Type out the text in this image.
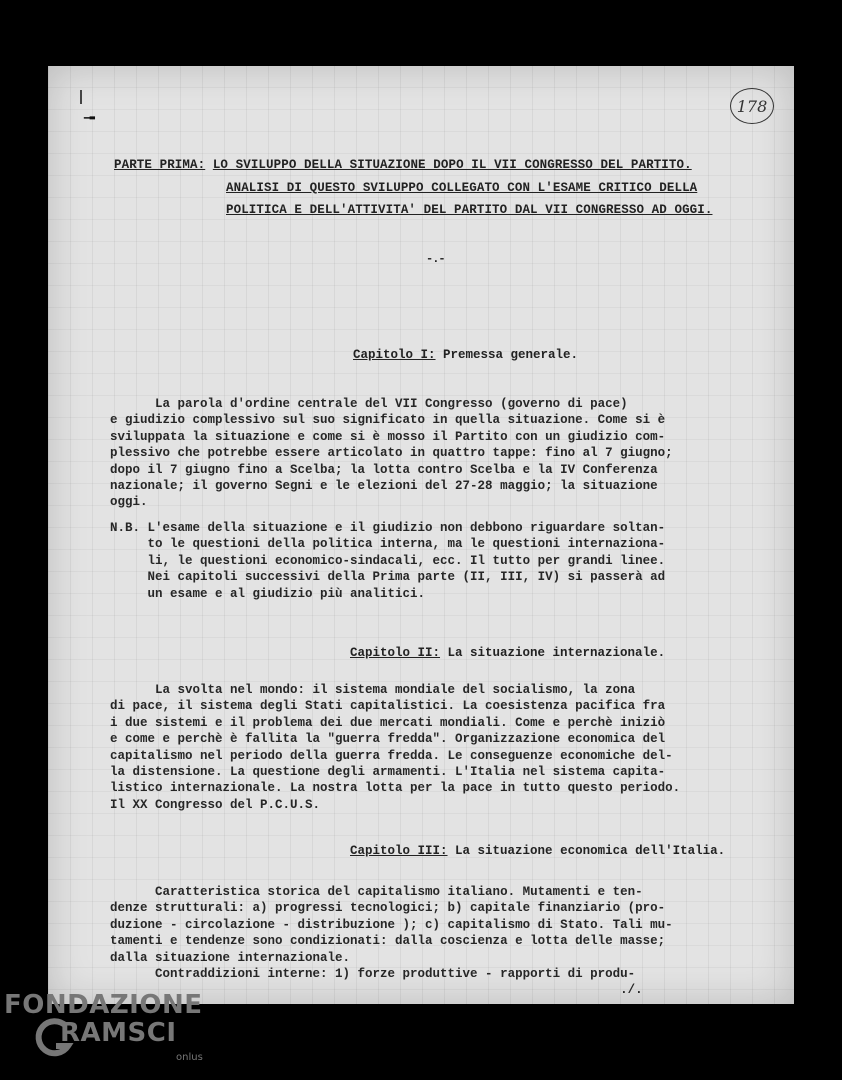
╼
178
PARTE PRIMA: LO SVILUPPO DELLA SITUAZIONE DOPO IL VII CONGRESSO DEL PARTITO.
ANALISI DI QUESTO SVILUPPO COLLEGATO CON L'ESAME CRITICO DELLA
POLITICA E DELL'ATTIVITA' DEL PARTITO DAL VII CONGRESSO AD OGGI.
-.-
Capitolo I: Premessa generale.
La parola d'ordine centrale del VII Congresso (governo di pace)
e giudizio complessivo sul suo significato in quella situazione. Come si è
sviluppata la situazione e come si è mosso il Partito con un giudizio com-
plessivo che potrebbe essere articolato in quattro tappe: fino al 7 giugno;
dopo il 7 giugno fino a Scelba; la lotta contro Scelba e la IV Conferenza
nazionale; il governo Segni e le elezioni del 27-28 maggio; la situazione
oggi.
N.B. L'esame della situazione e il giudizio non debbono riguardare soltan-
to le questioni della politica interna, ma le questioni internaziona-
li, le questioni economico-sindacali, ecc. Il tutto per grandi linee.
Nei capitoli successivi della Prima parte (II, III, IV) si passerà ad
un esame e al giudizio più analitici.
Capitolo II: La situazione internazionale.
La svolta nel mondo: il sistema mondiale del socialismo, la zona
di pace, il sistema degli Stati capitalistici. La coesistenza pacifica fra
i due sistemi e il problema dei due mercati mondiali. Come e perchè iniziò
e come e perchè è fallita la "guerra fredda". Organizzazione economica del
capitalismo nel periodo della guerra fredda. Le conseguenze economiche del-
la distensione. La questione degli armamenti. L'Italia nel sistema capita-
listico internazionale. La nostra lotta per la pace in tutto questo periodo.
Il XX Congresso del P.C.U.S.
Capitolo III: La situazione economica dell'Italia.
Caratteristica storica del capitalismo italiano. Mutamenti e ten-
denze strutturali: a) progressi tecnologici; b) capitale finanziario (pro-
duzione - circolazione - distribuzione ); c) capitalismo di Stato. Tali mu-
tamenti e tendenze sono condizionati: dalla coscienza e lotta delle masse;
dalla situazione internazionale.
Contraddizioni interne: 1) forze produttive - rapporti di produ-
./.
FONDAZIONE
RAMSCI
onlus
